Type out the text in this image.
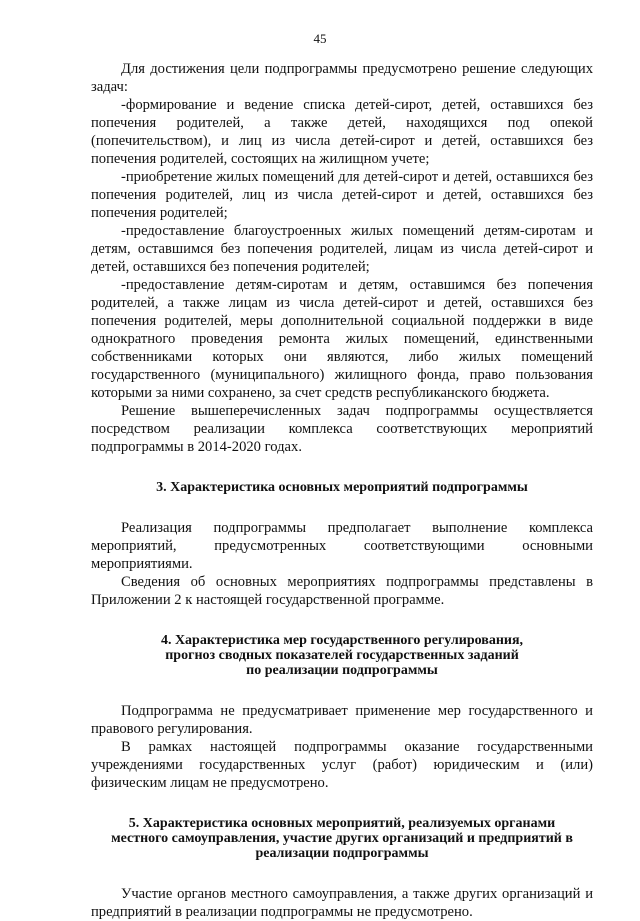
45

Для достижения цели подпрограммы предусмотрено решение следующих задач:

-формирование и ведение списка детей-сирот, детей, оставшихся без попечения родителей, а также детей, находящихся под опекой (попечительством), и лиц из числа детей-сирот и детей, оставшихся без попечения родителей, состоящих на жилищном учете;

-приобретение жилых помещений для детей-сирот и детей, оставшихся без попечения родителей, лиц из числа детей-сирот и детей, оставшихся без попечения родителей;

-предоставление благоустроенных жилых помещений детям-сиротам и детям, оставшимся без попечения родителей, лицам из числа детей-сирот и детей, оставшихся без попечения родителей;

-предоставление детям-сиротам и детям, оставшимся без попечения родителей, а также лицам из числа детей-сирот и детей, оставшихся без попечения родителей, меры дополнительной социальной поддержки в виде однократного проведения ремонта жилых помещений, единственными собственниками которых они являются, либо жилых помещений государственного (муниципального) жилищного фонда, право пользования которыми за ними сохранено, за счет средств республиканского бюджета.

Решение вышеперечисленных задач подпрограммы осуществляется посредством реализации комплекса соответствующих мероприятий подпрограммы в 2014-2020 годах.

3. Характеристика основных мероприятий подпрограммы

Реализация подпрограммы предполагает выполнение комплекса мероприятий, предусмотренных соответствующими основными мероприятиями.

Сведения об основных мероприятиях подпрограммы представлены в Приложении 2 к настоящей государственной программе.

4. Характеристика мер государственного регулирования,

прогноз сводных показателей государственных заданий

по реализации подпрограммы

Подпрограмма не предусматривает применение мер государственного и правового регулирования.

В рамках настоящей подпрограммы оказание государственными учреждениями государственных услуг (работ) юридическим и (или) физическим лицам не предусмотрено.

5. Характеристика основных мероприятий, реализуемых органами

местного самоуправления, участие других организаций и предприятий в

реализации подпрограммы

Участие органов местного самоуправления, а также других организаций и предприятий в реализации подпрограммы не предусмотрено.
